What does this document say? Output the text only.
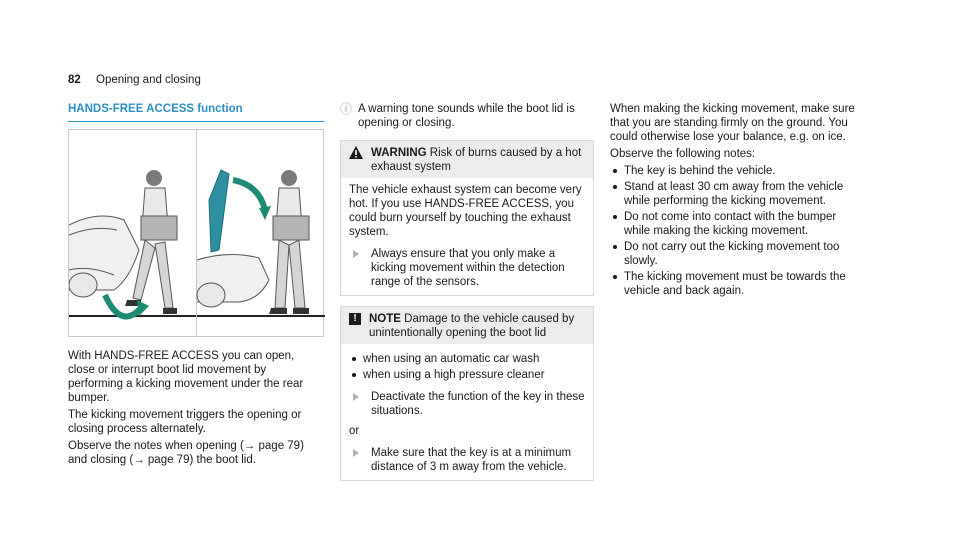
82 Opening and closing
HANDS-FREE ACCESS function

With HANDS-FREE ACCESS you can open, close or interrupt boot lid movement by performing a kicking movement under the rear bumper.

The kicking movement triggers the opening or closing process alternately.

Observe the notes when opening (→ page 79) and closing (→ page 79) the boot lid.

ⓘ A warning tone sounds while the boot lid is opening or closing.
WARNING Risk of burns caused by a hot exhaust system
The vehicle exhaust system can become very hot. If you use HANDS-FREE ACCESS, you could burn yourself by touching the exhaust system.
Always ensure that you only make a kicking movement within the detection range of the sensors.
!	NOTE Damage to the vehicle caused by unintentionally opening the boot lid
when using an automatic car wash
when using a high pressure cleaner
Deactivate the function of the key in these situations.
or
Make sure that the key is at a minimum distance of 3 m away from the vehicle.

When making the kicking movement, make sure that you are standing firmly on the ground. You could otherwise lose your balance, e.g. on ice.

Observe the following notes:

The key is behind the vehicle.
Stand at least 30 cm away from the vehicle while performing the kicking movement.
Do not come into contact with the bumper while making the kicking movement.
Do not carry out the kicking movement too slowly.
The kicking movement must be towards the vehicle and back again.
